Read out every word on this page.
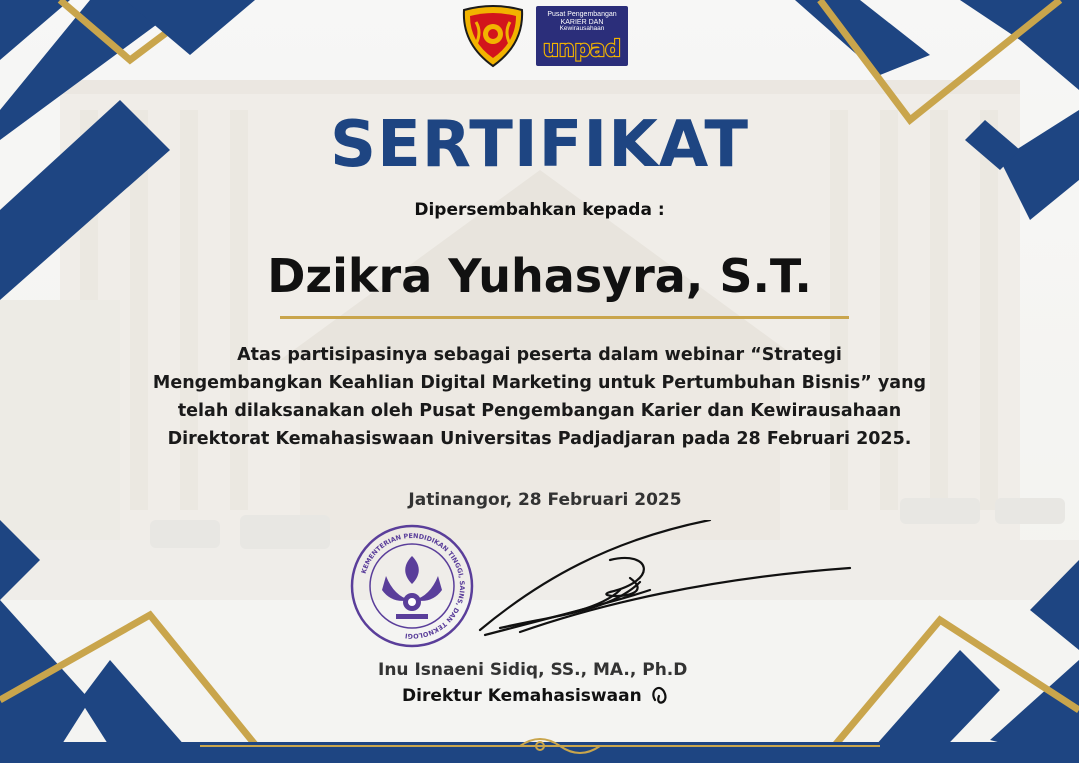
Pusat Pengembangan
KARIER DAN
Kewirausahaan
unpad
SERTIFIKAT
Dipersembahkan kepada :
Dzikra Yuhasyra, S.T.
Atas partisipasinya sebagai peserta dalam webinar “Strategi
Mengembangkan Keahlian Digital Marketing untuk Pertumbuhan Bisnis” yang
telah dilaksanakan oleh Pusat Pengembangan Karier dan Kewirausahaan
Direktorat Kemahasiswaan Universitas Padjadjaran pada 28 Februari 2025.
Jatinangor, 28 Februari 2025
KEMENTERIAN PENDIDIKAN TINGGI, SAINS, DAN TEKNOLOGI
Inu Isnaeni Sidiq, SS., MA., Ph.D
Direktur Kemahasiswaan
